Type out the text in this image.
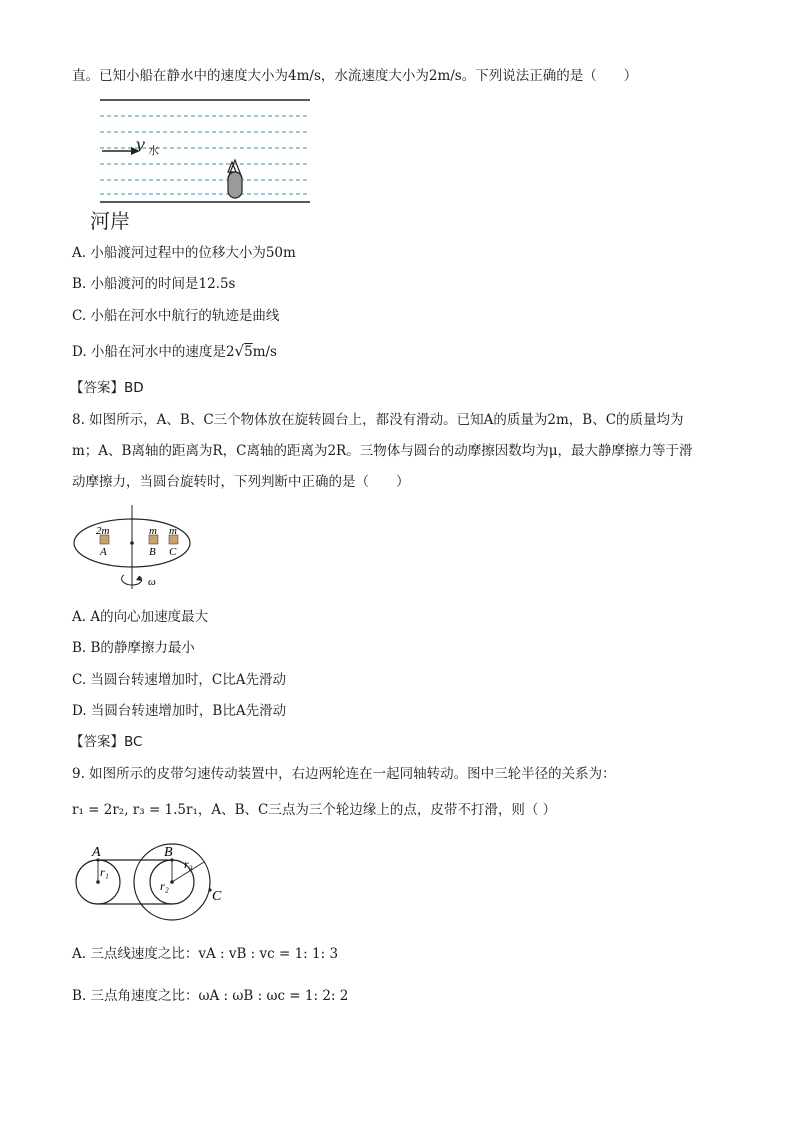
直。已知小船在静水中的速度大小为4m/s，水流速度大小为2m/s。下列说法正确的是（　　）
v 水
河岸
A. 小船渡河过程中的位移大小为50m
B. 小船渡河的时间是12.5s
C. 小船在河水中航行的轨迹是曲线
D. 小船在河水中的速度是2√5m/s
【答案】BD
8. 如图所示，A、B、C三个物体放在旋转圆台上，都没有滑动。已知A的质量为2m，B、C的质量均为
m；A、B离轴的距离为R，C离轴的距离为2R。三物体与圆台的动摩擦因数均为μ，最大静摩擦力等于滑
动摩擦力，当圆台旋转时，下列判断中正确的是（　　）
2m	m m
A	B C
ω
A. A的向心加速度最大
B. B的静摩擦力最小
C. 当圆台转速增加时，C比A先滑动
D. 当圆台转速增加时，B比A先滑动
【答案】BC
9. 如图所示的皮带匀速传动装置中，右边两轮连在一起同轴转动。图中三轮半径的关系为：
r₁ = 2r₂, r₃ = 1.5r₁，A、B、C三点为三个轮边缘上的点，皮带不打滑，则（ ）
A	B
C
r₁
r₂
r₃
A. 三点线速度之比：vA : vB : vc = 1: 1: 3
B. 三点角速度之比：ωA : ωB : ωc = 1: 2: 2
